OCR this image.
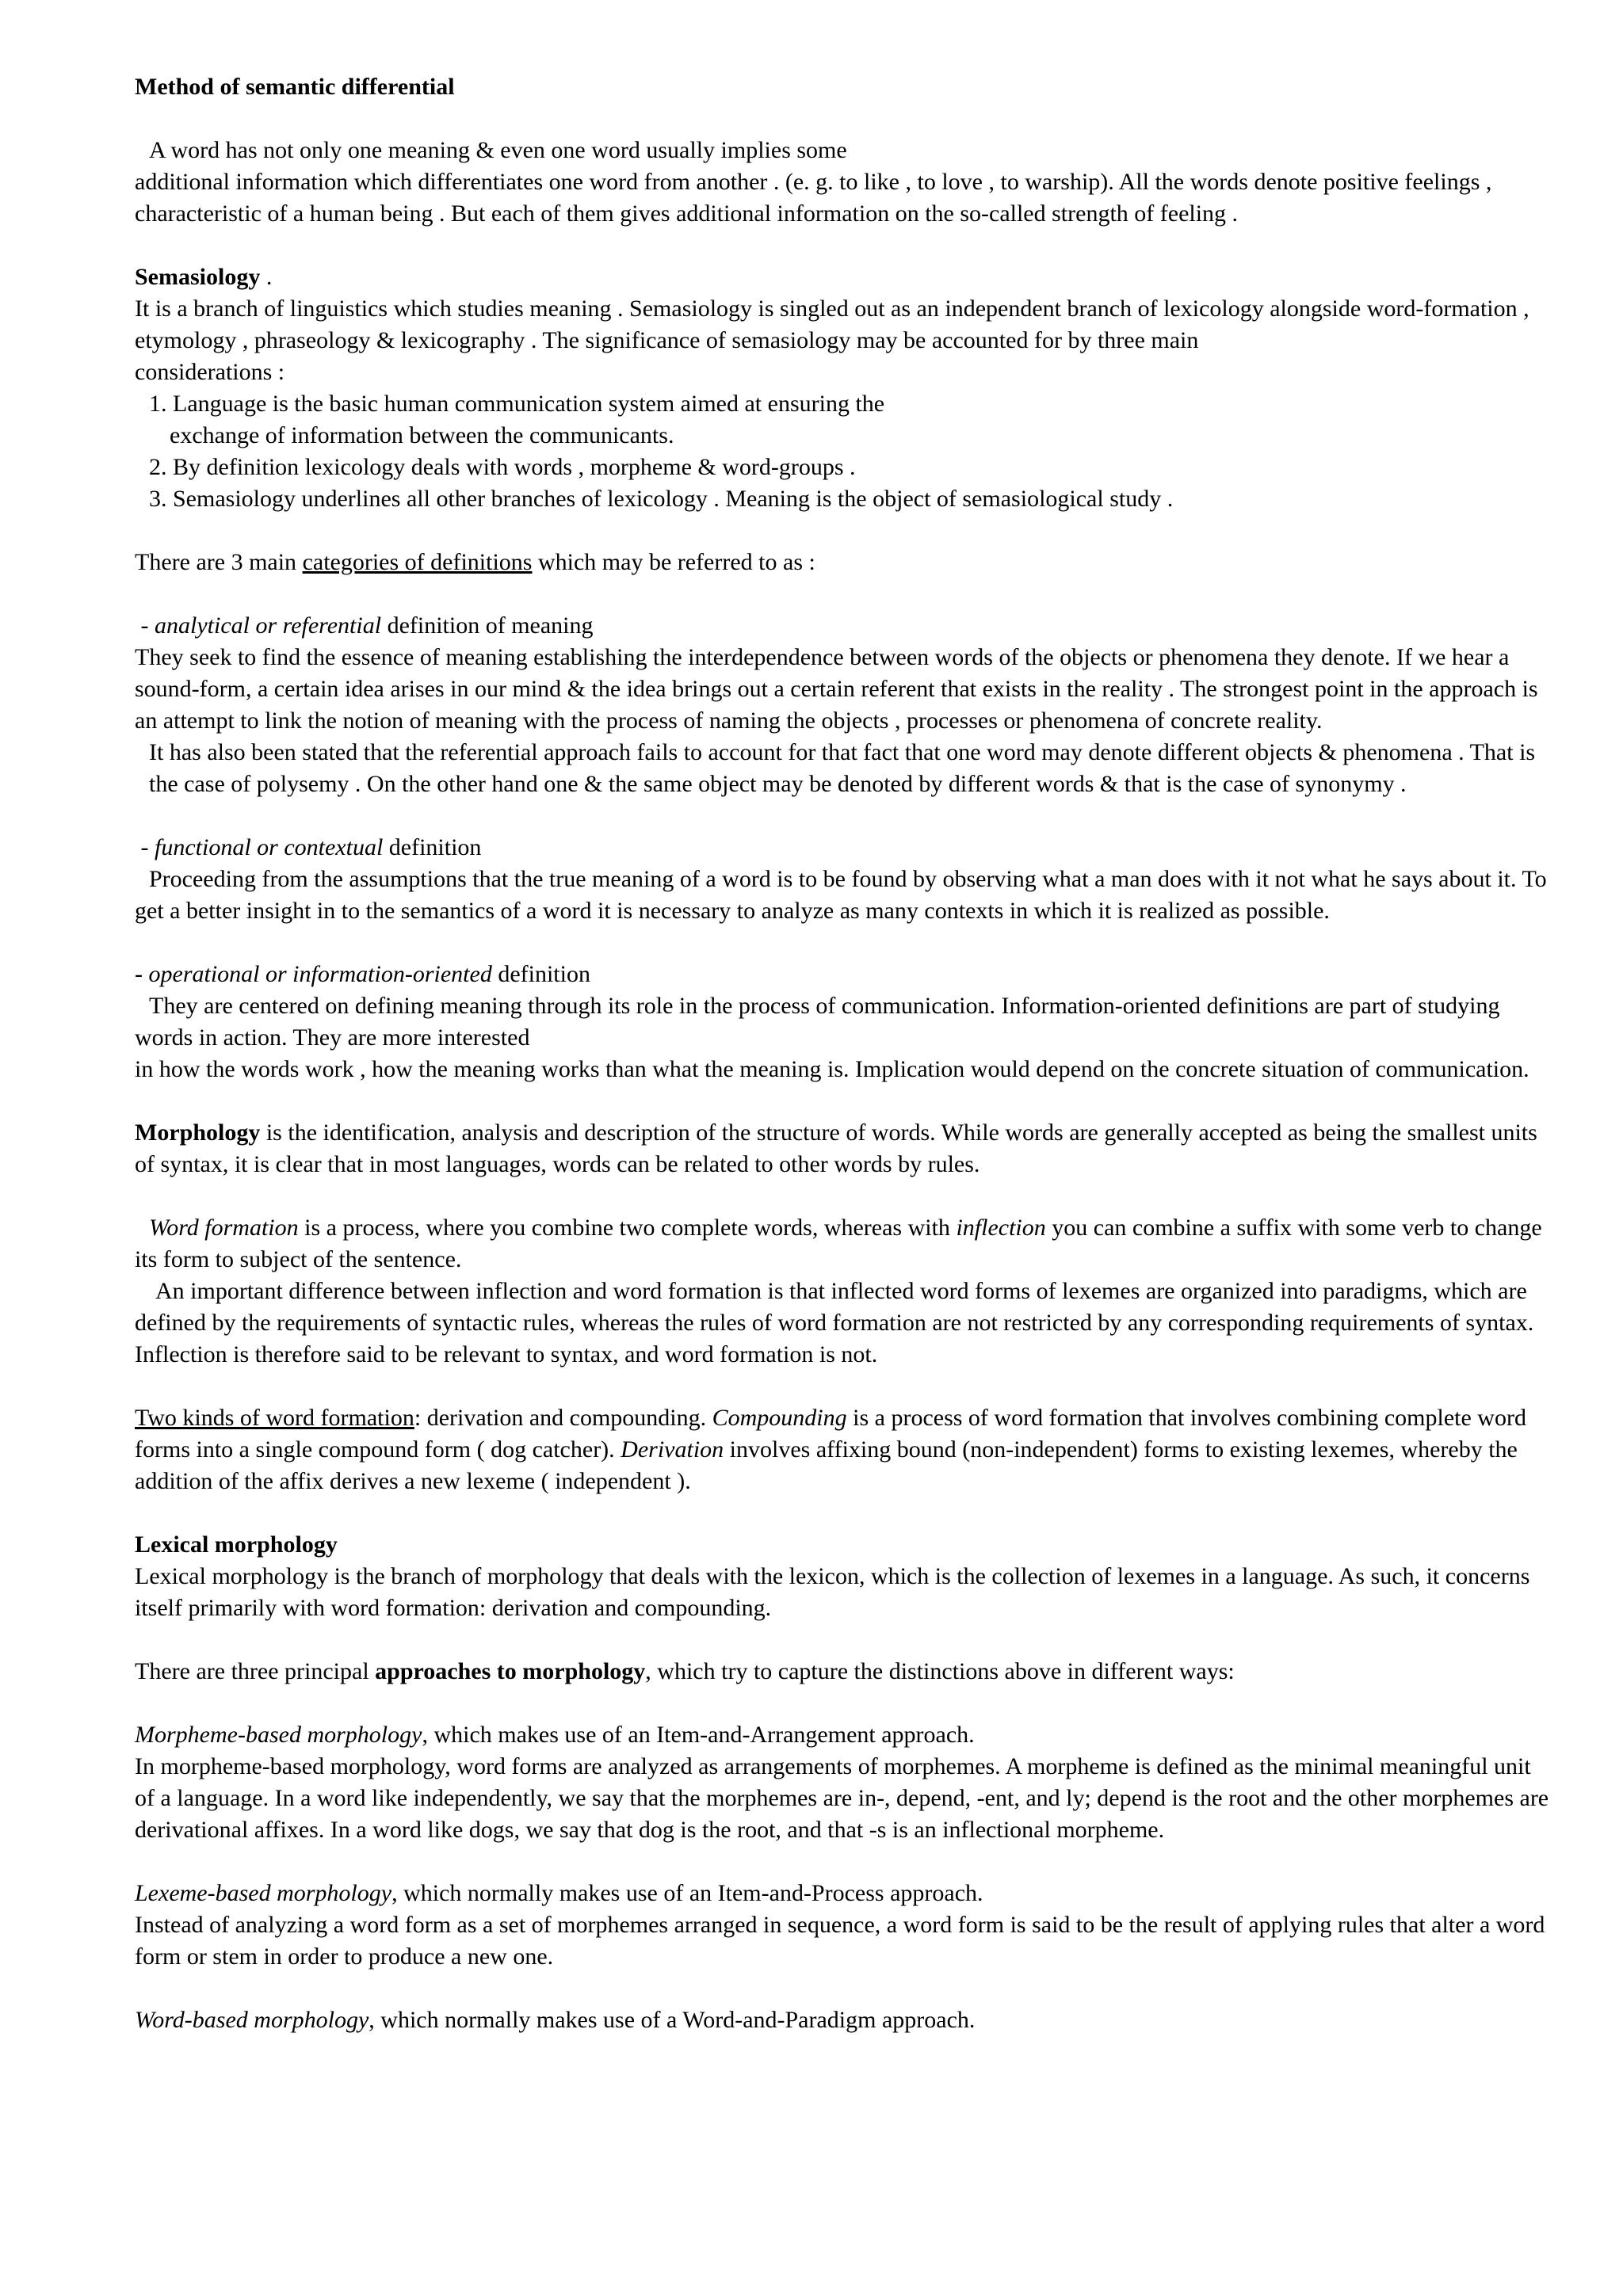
Method of semantic differential

A word has not only one meaning & even one word usually implies some

additional information which differentiates one word from another . (e. g. to like , to love , to warship). All the words denote positive feelings , characteristic of a human being . But each of them gives additional information on the so-called strength of feeling .

Semasiology .

It is a branch of linguistics which studies meaning . Semasiology is singled out as an independent branch of lexicology alongside word-formation , etymology , phraseology & lexicography . The significance of semasiology may be accounted for by three main

considerations :

1. Language is the basic human communication system aimed at ensuring the

exchange of information between the communicants.

2. By definition lexicology deals with words , morpheme & word-groups .

3. Semasiology underlines all other branches of lexicology . Meaning is the object of semasiological study .

There are 3 main categories of definitions which may be referred to as :

- analytical or referential definition of meaning

They seek to find the essence of meaning establishing the interdependence between words of the objects or phenomena they denote. If we hear a sound-form, a certain idea arises in our mind & the idea brings out a certain referent that exists in the reality . The strongest point in the approach is an attempt to link the notion of meaning with the process of naming the objects , processes or phenomena of concrete reality.

It has also been stated that the referential approach fails to account for that fact that one word may denote different objects & phenomena . That is the case of polysemy . On the other hand one & the same object may be denoted by different words & that is the case of synonymy .

- functional or contextual definition

Proceeding from the assumptions that the true meaning of a word is to be found by observing what a man does with it not what he says about it. To get a better insight in to the semantics of a word it is necessary to analyze as many contexts in which it is realized as possible.

- operational or information-oriented definition

They are centered on defining meaning through its role in the process of communication. Information-oriented definitions are part of studying words in action. They are more interested

in how the words work , how the meaning works than what the meaning is. Implication would depend on the concrete situation of communication.

Morphology is the identification, analysis and description of the structure of words. While words are generally accepted as being the smallest units of syntax, it is clear that in most languages, words can be related to other words by rules.

Word formation is a process, where you combine two complete words, whereas with inflection you can combine a suffix with some verb to change its form to subject of the sentence.

An important difference between inflection and word formation is that inflected word forms of lexemes are organized into paradigms, which are defined by the requirements of syntactic rules, whereas the rules of word formation are not restricted by any corresponding requirements of syntax. Inflection is therefore said to be relevant to syntax, and word formation is not.

Two kinds of word formation: derivation and compounding. Compounding is a process of word formation that involves combining complete word forms into a single compound form ( dog catcher). Derivation involves affixing bound (non-independent) forms to existing lexemes, whereby the addition of the affix derives a new lexeme ( independent ).

Lexical morphology

Lexical morphology is the branch of morphology that deals with the lexicon, which is the collection of lexemes in a language. As such, it concerns itself primarily with word formation: derivation and compounding.

There are three principal approaches to morphology, which try to capture the distinctions above in different ways:

Morpheme-based morphology, which makes use of an Item-and-Arrangement approach.

In morpheme-based morphology, word forms are analyzed as arrangements of morphemes. A morpheme is defined as the minimal meaningful unit of a language. In a word like independently, we say that the morphemes are in-, depend, -ent, and ly; depend is the root and the other morphemes are derivational affixes. In a word like dogs, we say that dog is the root, and that -s is an inflectional morpheme.

Lexeme-based morphology, which normally makes use of an Item-and-Process approach.

Instead of analyzing a word form as a set of morphemes arranged in sequence, a word form is said to be the result of applying rules that alter a word form or stem in order to produce a new one.

Word-based morphology, which normally makes use of a Word-and-Paradigm approach.
